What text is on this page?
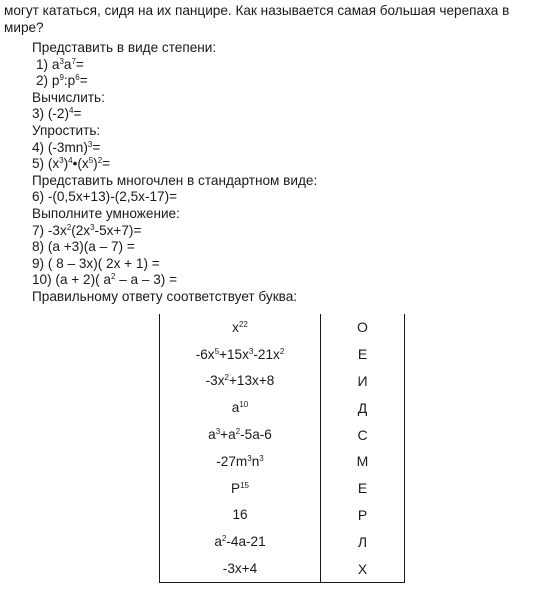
могут кататься, сидя на их панцире. Как называется самая большая черепаха в мире?
Представить в виде степени:
1) $a^3a^7=$
2) $p^9:p^6=$
Вычислить:
3) $(-2)^4=$
Упростить:
4) $(-3mn)^3=$
5) $(x^3)^4•(x^5)^2=$
Представить многочлен в стандартном виде:
6) -(0,5x+13)-(2,5x-17)=
Выполните умножение:
7) $-3x^2(2x^3-5x+7)=$
8) (a +3)(a – 7) =
9) ( 8 – 3x)( 2x + 1) =
10) (a + 2)( $a^2$ – a – 3) =
Правильному ответу соответствует буква:
$x^{22}$	О
$-6x^5+15x^3-21x^2$	Е
$-3x^2+13x+8$	И
$a^{10}$	Д
$a^3+a^2-5a-6$	С
$-27m^3n^3$	М
$P^{15}$	Е
16	Р
$a^2-4a-21$	Л
-3x+4	Х
